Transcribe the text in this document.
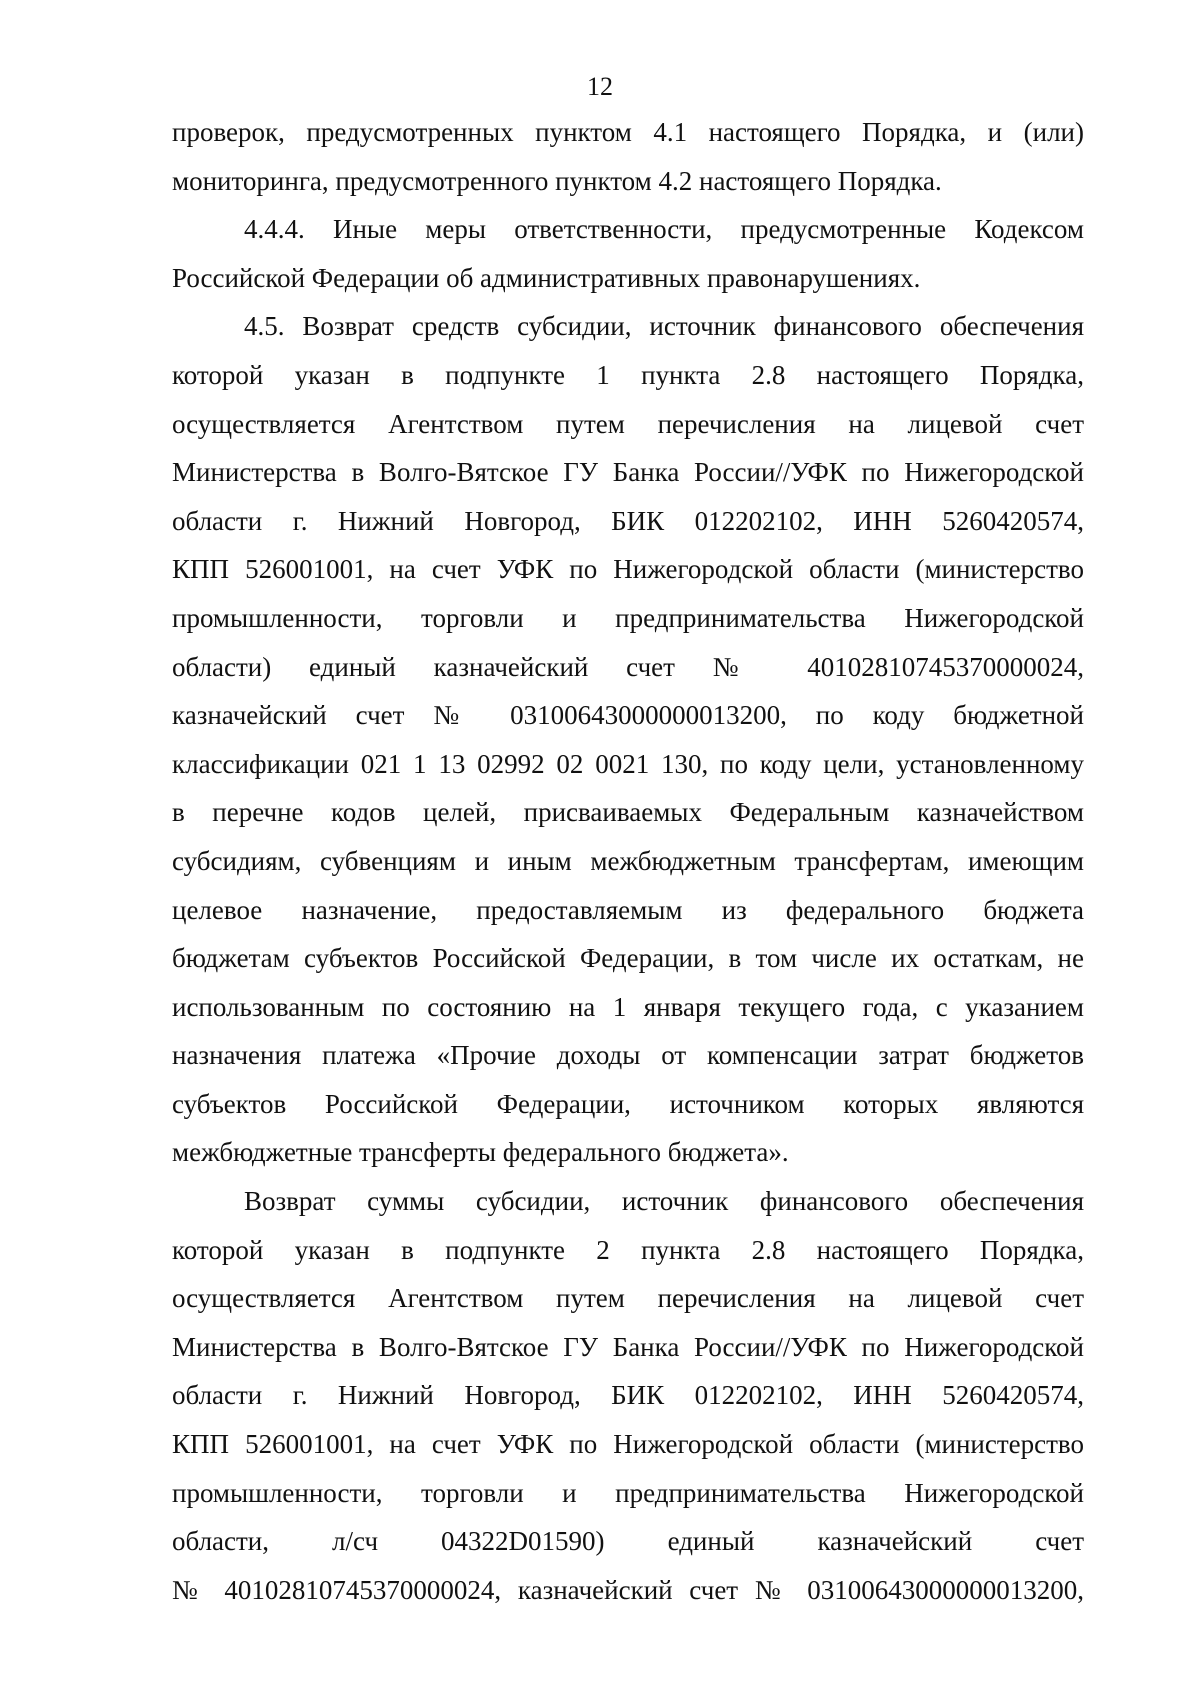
12
проверок, предусмотренных пунктом 4.1 настоящего Порядка, и (или)
мониторинга, предусмотренного пунктом 4.2 настоящего Порядка.
4.4.4. Иные меры ответственности, предусмотренные Кодексом
Российской Федерации об административных правонарушениях.
4.5. Возврат средств субсидии, источник финансового обеспечения
которой указан в подпункте 1 пункта 2.8 настоящего Порядка,
осуществляется Агентством путем перечисления на лицевой счет
Министерства в Волго-Вятское ГУ Банка России//УФК по Нижегородской
области г. Нижний Новгород, БИК 012202102, ИНН 5260420574,
КПП 526001001, на счет УФК по Нижегородской области (министерство
промышленности, торговли и предпринимательства Нижегородской
области) единый казначейский счет № 40102810745370000024,
казначейский счет № 03100643000000013200, по коду бюджетной
классификации 021 1 13 02992 02 0021 130, по коду цели, установленному
в перечне кодов целей, присваиваемых Федеральным казначейством
субсидиям, субвенциям и иным межбюджетным трансфертам, имеющим
целевое назначение, предоставляемым из федерального бюджета
бюджетам субъектов Российской Федерации, в том числе их остаткам, не
использованным по состоянию на 1 января текущего года, с указанием
назначения платежа «Прочие доходы от компенсации затрат бюджетов
субъектов Российской Федерации, источником которых являются
межбюджетные трансферты федерального бюджета».
Возврат суммы субсидии, источник финансового обеспечения
которой указан в подпункте 2 пункта 2.8 настоящего Порядка,
осуществляется Агентством путем перечисления на лицевой счет
Министерства в Волго-Вятское ГУ Банка России//УФК по Нижегородской
области г. Нижний Новгород, БИК 012202102, ИНН 5260420574,
КПП 526001001, на счет УФК по Нижегородской области (министерство
промышленности, торговли и предпринимательства Нижегородской
области, л/сч 04322D01590) единый казначейский счет
№ 40102810745370000024, казначейский счет № 03100643000000013200,
